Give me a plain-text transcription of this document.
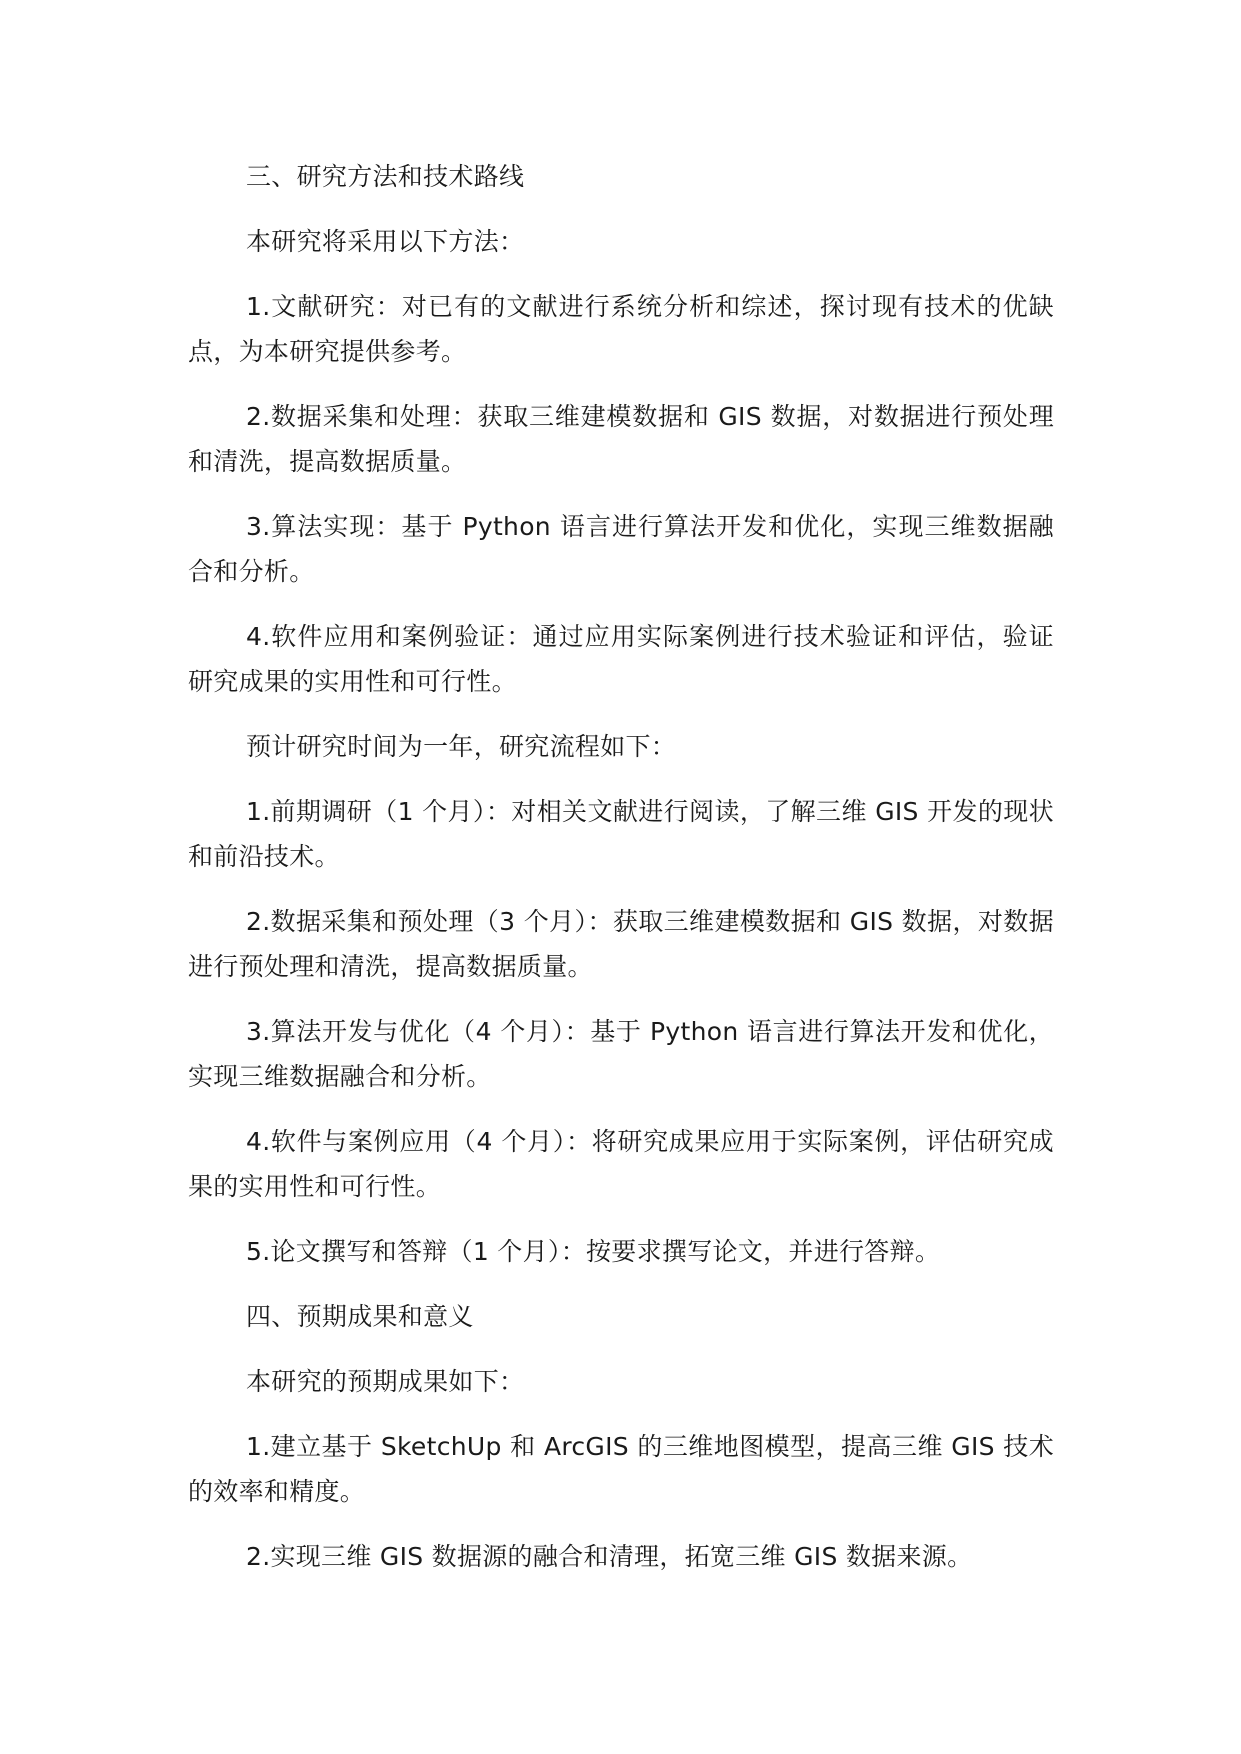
三、研究方法和技术路线

本研究将采用以下方法：

1.文献研究：对已有的文献进行系统分析和综述，探讨现有技术的优缺点，为本研究提供参考。

2.数据采集和处理：获取三维建模数据和 GIS 数据，对数据进行预处理和清洗，提高数据质量。

3.算法实现：基于 Python 语言进行算法开发和优化，实现三维数据融合和分析。

4.软件应用和案例验证：通过应用实际案例进行技术验证和评估，验证研究成果的实用性和可行性。

预计研究时间为一年，研究流程如下：

1.前期调研（1 个月）：对相关文献进行阅读，了解三维 GIS 开发的现状和前沿技术。

2.数据采集和预处理（3 个月）：获取三维建模数据和 GIS 数据，对数据进行预处理和清洗，提高数据质量。

3.算法开发与优化（4 个月）：基于 Python 语言进行算法开发和优化，实现三维数据融合和分析。

4.软件与案例应用（4 个月）：将研究成果应用于实际案例，评估研究成果的实用性和可行性。

5.论文撰写和答辩（1 个月）：按要求撰写论文，并进行答辩。

四、预期成果和意义

本研究的预期成果如下：

1.建立基于 SketchUp 和 ArcGIS 的三维地图模型，提高三维 GIS 技术的效率和精度。

2.实现三维 GIS 数据源的融合和清理，拓宽三维 GIS 数据来源。
